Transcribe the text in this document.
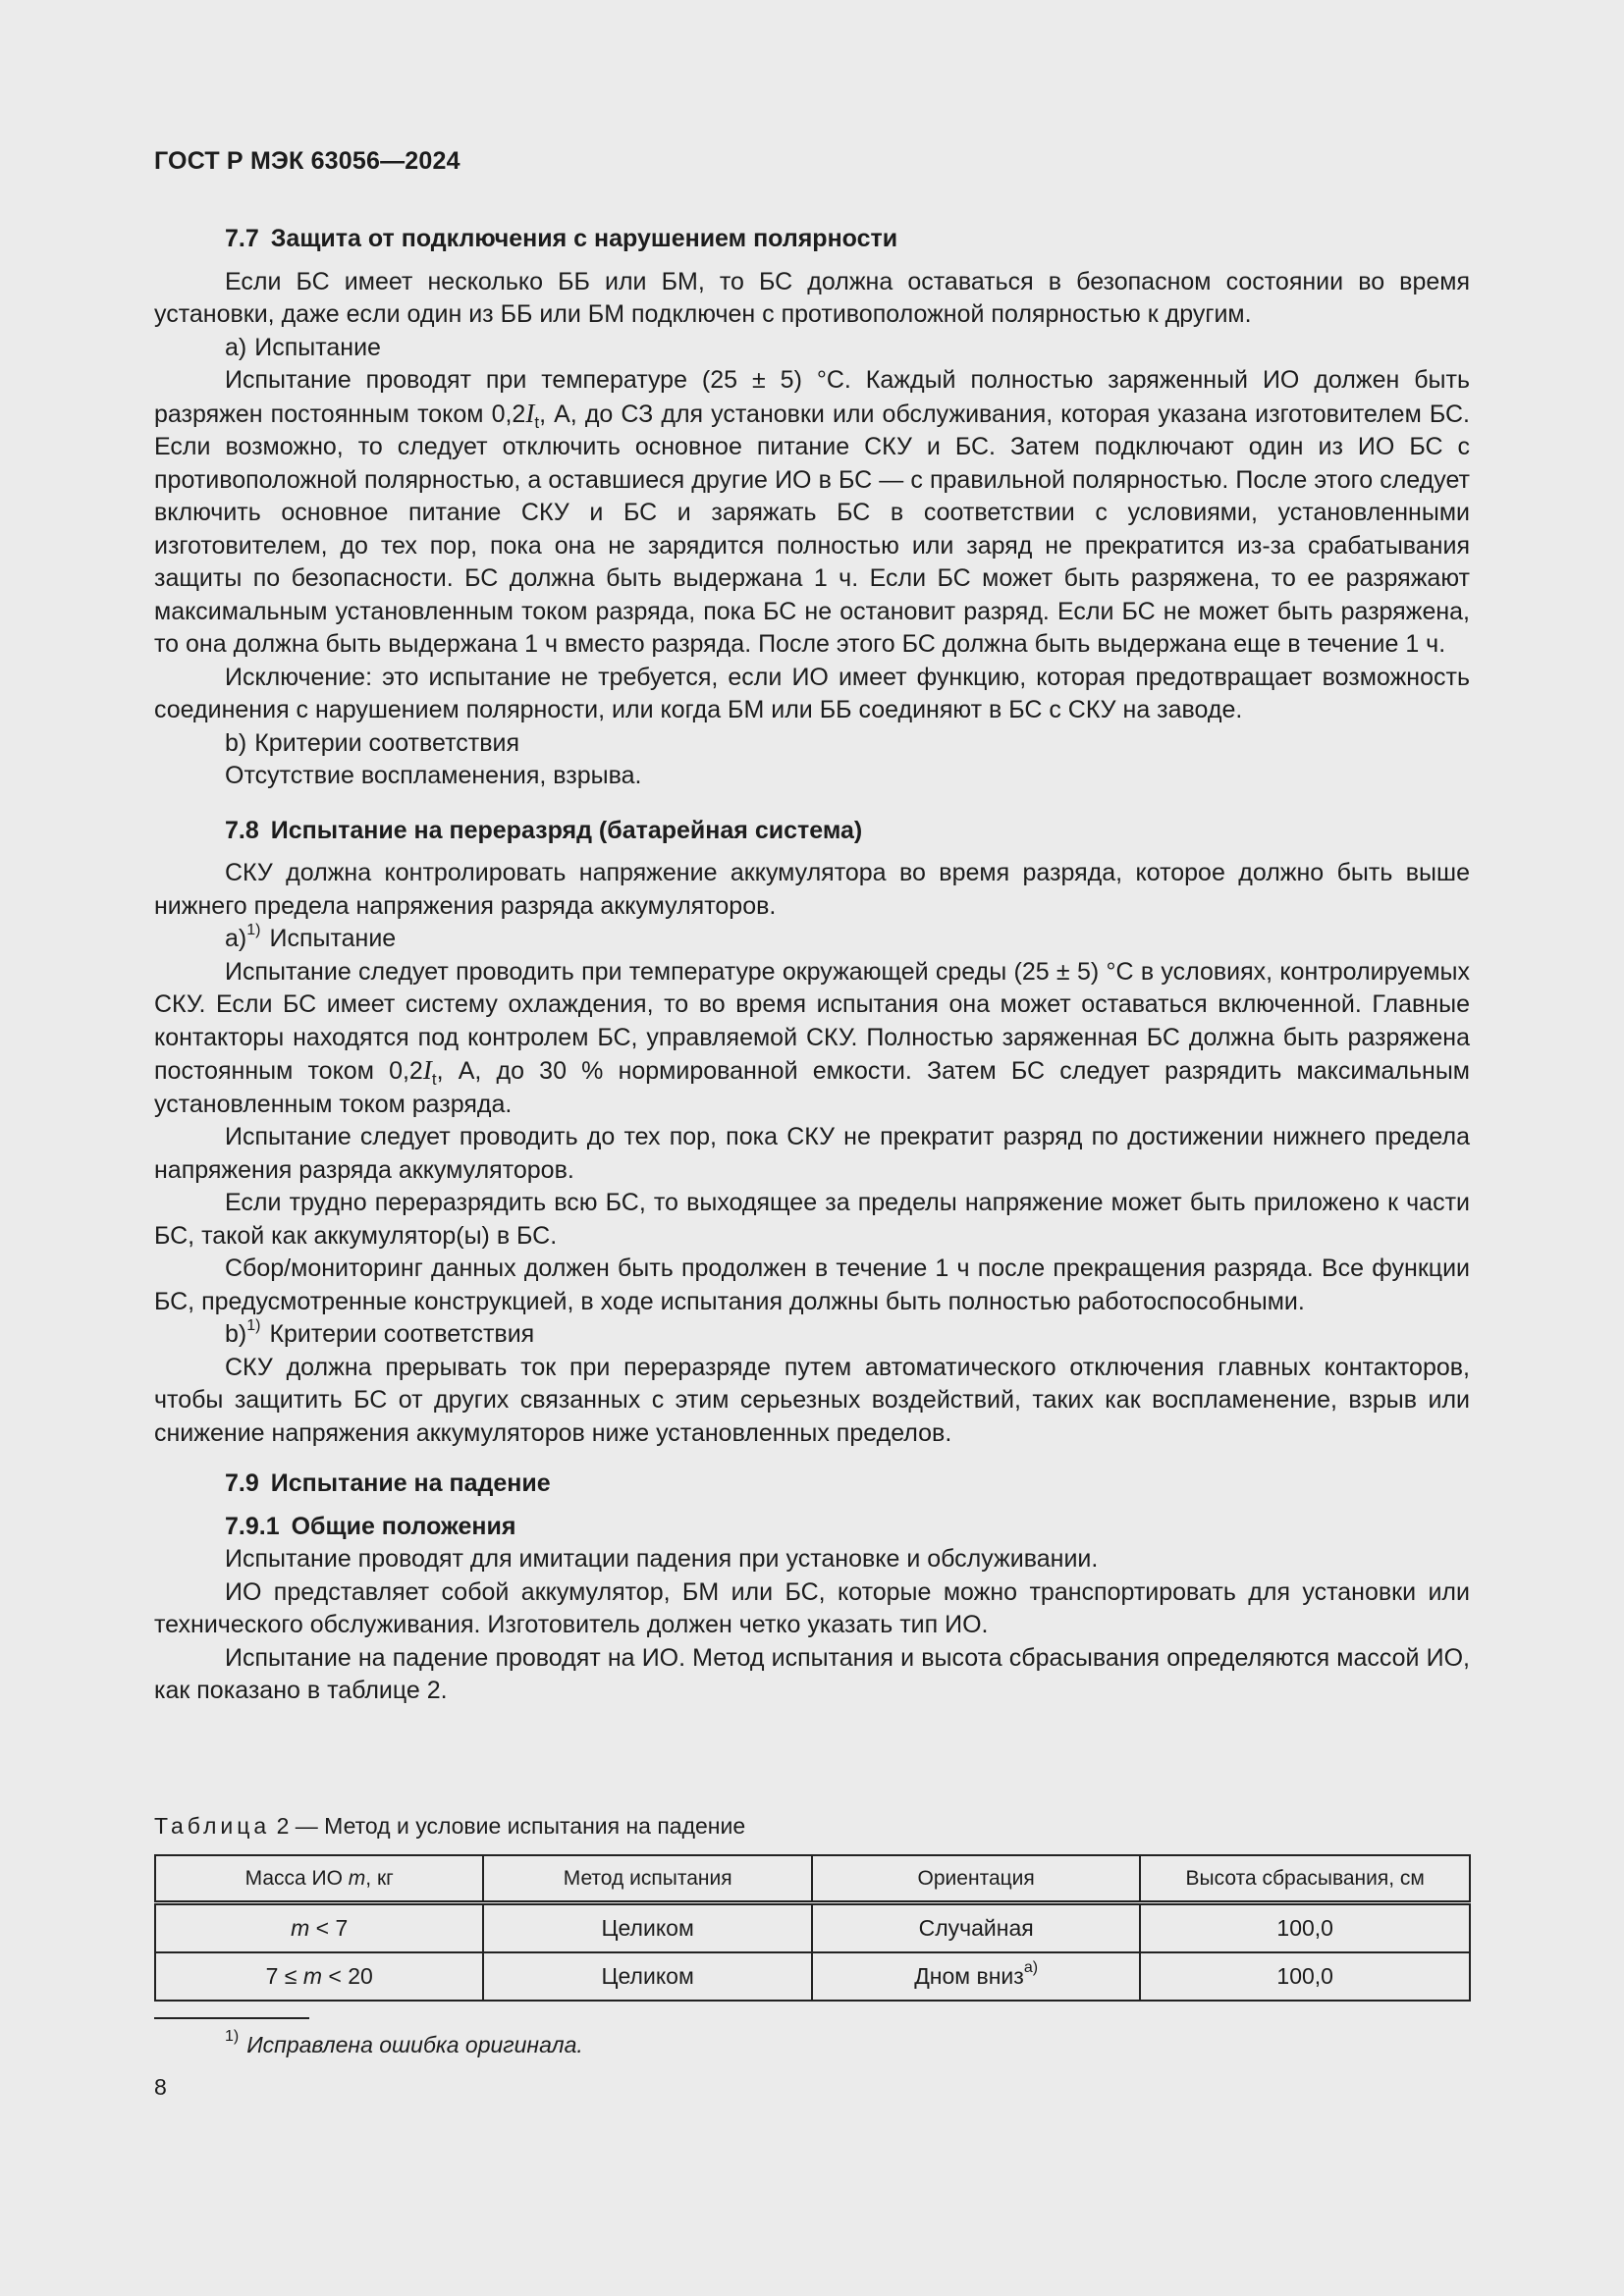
ГОСТ Р МЭК 63056—2024
7.7 Защита от подключения с нарушением полярности

Если БС имеет несколько ББ или БМ, то БС должна оставаться в безопасном состоянии во время установки, даже если один из ББ или БМ подключен с противоположной полярностью к другим.

а) Испытание

Испытание проводят при температуре (25 ± 5) °С. Каждый полностью заряженный ИО должен быть разряжен постоянным током $0,2I_t$, А, до СЗ для установки или обслуживания, которая указана изготовителем БС. Если возможно, то следует отключить основное питание СКУ и БС. Затем подключают один из ИО БС с противоположной полярностью, а оставшиеся другие ИО в БС — с правильной полярностью. После этого следует включить основное питание СКУ и БС и заряжать БС в соответствии с условиями, установленными изготовителем, до тех пор, пока она не зарядится полностью или заряд не прекратится из-за срабатывания защиты по безопасности. БС должна быть выдержана 1 ч. Если БС может быть разряжена, то ее разряжают максимальным установленным током разряда, пока БС не остановит разряд. Если БС не может быть разряжена, то она должна быть выдержана 1 ч вместо разряда. После этого БС должна быть выдержана еще в течение 1 ч.

Исключение: это испытание не требуется, если ИО имеет функцию, которая предотвращает возможность соединения с нарушением полярности, или когда БМ или ББ соединяют в БС с СКУ на заводе.

b) Критерии соответствия

Отсутствие воспламенения, взрыва.

7.8 Испытание на переразряд (батарейная система)

СКУ должна контролировать напряжение аккумулятора во время разряда, которое должно быть выше нижнего предела напряжения разряда аккумуляторов.

а)$^{1)}$ Испытание

Испытание следует проводить при температуре окружающей среды (25 ± 5) °С в условиях, контролируемых СКУ. Если БС имеет систему охлаждения, то во время испытания она может оставаться включенной. Главные контакторы находятся под контролем БС, управляемой СКУ. Полностью заряженная БС должна быть разряжена постоянным током $0,2I_t$, А, до 30 % нормированной емкости. Затем БС следует разрядить максимальным установленным током разряда.

Испытание следует проводить до тех пор, пока СКУ не прекратит разряд по достижении нижнего предела напряжения разряда аккумуляторов.

Если трудно переразрядить всю БС, то выходящее за пределы напряжение может быть приложено к части БС, такой как аккумулятор(ы) в БС.

Сбор/мониторинг данных должен быть продолжен в течение 1 ч после прекращения разряда. Все функции БС, предусмотренные конструкцией, в ходе испытания должны быть полностью работоспособными.

b)$^{1)}$ Критерии соответствия

СКУ должна прерывать ток при переразряде путем автоматического отключения главных контакторов, чтобы защитить БС от других связанных с этим серьезных воздействий, таких как воспламенение, взрыв или снижение напряжения аккумуляторов ниже установленных пределов.

7.9 Испытание на падение
7.9.1 Общие положения

Испытание проводят для имитации падения при установке и обслуживании.

ИО представляет собой аккумулятор, БМ или БС, которые можно транспортировать для установки или технического обслуживания. Изготовитель должен четко указать тип ИО.

Испытание на падение проводят на ИО. Метод испытания и высота сбрасывания определяются массой ИО, как показано в таблице 2.

Таблица 2 — Метод и условие испытания на падение
Масса ИО m, кг	Метод испытания	Ориентация	Высота сбрасывания, см
m < 7	Целиком	Случайная	100,0
7 ≤ m < 20	Целиком	Дном вниз$^{a)}$	100,0
$^{1)}$ Исправлена ошибка оригинала.
8
